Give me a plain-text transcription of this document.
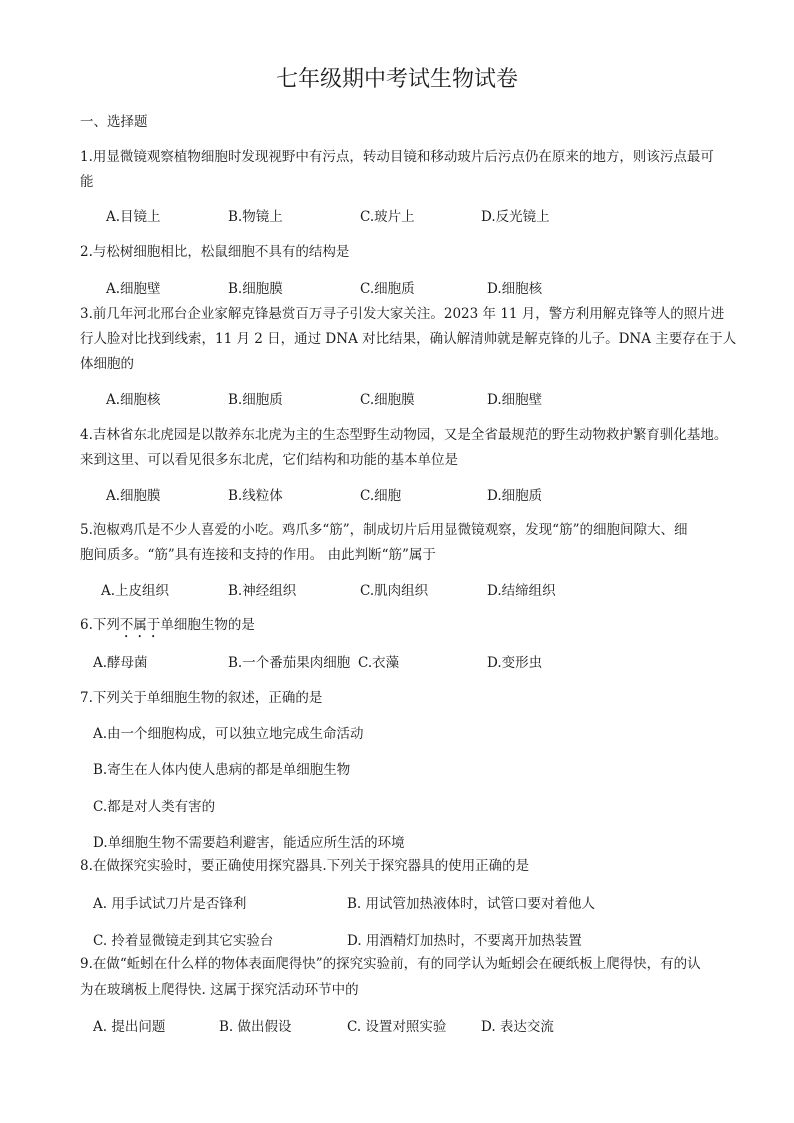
七年级期中考试生物试卷
一、选择题
1.用显微镜观察植物细胞时发现视野中有污点，转动目镜和移动玻片后污点仍在原来的地方，则该污点最可
能
A.目镜上	B.物镜上	C.玻片上	D.反光镜上
2.与松树细胞相比，松鼠细胞不具有的结构是
A.细胞壁	B.细胞膜	C.细胞质	D.细胞核
3.前几年河北邢台企业家解克锋悬赏百万寻子引发大家关注。2023 年 11 月，警方利用解克锋等人的照片进
行人脸对比找到线索，11 月 2 日，通过 DNA 对比结果，确认解清帅就是解克锋的儿子。DNA 主要存在于人
体细胞的
A.细胞核	B.细胞质	C.细胞膜	D.细胞壁
4.吉林省东北虎园是以散养东北虎为主的生态型野生动物园，又是全省最规范的野生动物救护繁育驯化基地。
来到这里、可以看见很多东北虎，它们结构和功能的基本单位是
A.细胞膜	B.线粒体	C.细胞	D.细胞质
5.泡椒鸡爪是不少人喜爱的小吃。鸡爪多“筋”，制成切片后用显微镜观察，发现“筋”的细胞间隙大、细
胞间质多。“筋”具有连接和支持的作用。 由此判断“筋”属于
A.上皮组织	B.神经组织	C.肌肉组织	D.结缔组织
6.下列不属于单细胞生物的是
A.酵母菌	B.一个番茄果肉细胞 C.衣藻	D.变形虫
7.下列关于单细胞生物的叙述，正确的是
A.由一个细胞构成，可以独立地完成生命活动
B.寄生在人体内使人患病的都是单细胞生物
C.都是对人类有害的
D.单细胞生物不需要趋利避害，能适应所生活的环境
8.在做探究实验时，要正确使用探究器具.下列关于探究器具的使用正确的是
A. 用手试试刀片是否锋利	B. 用试管加热液体时，试管口要对着他人
C. 拎着显微镜走到其它实验台	D. 用酒精灯加热时，不要离开加热装置
9.在做“蚯蚓在什么样的物体表面爬得快”的探究实验前，有的同学认为蚯蚓会在硬纸板上爬得快，有的认
为在玻璃板上爬得快. 这属于探究活动环节中的
A. 提出问题	B. 做出假设	C. 设置对照实验	D. 表达交流
